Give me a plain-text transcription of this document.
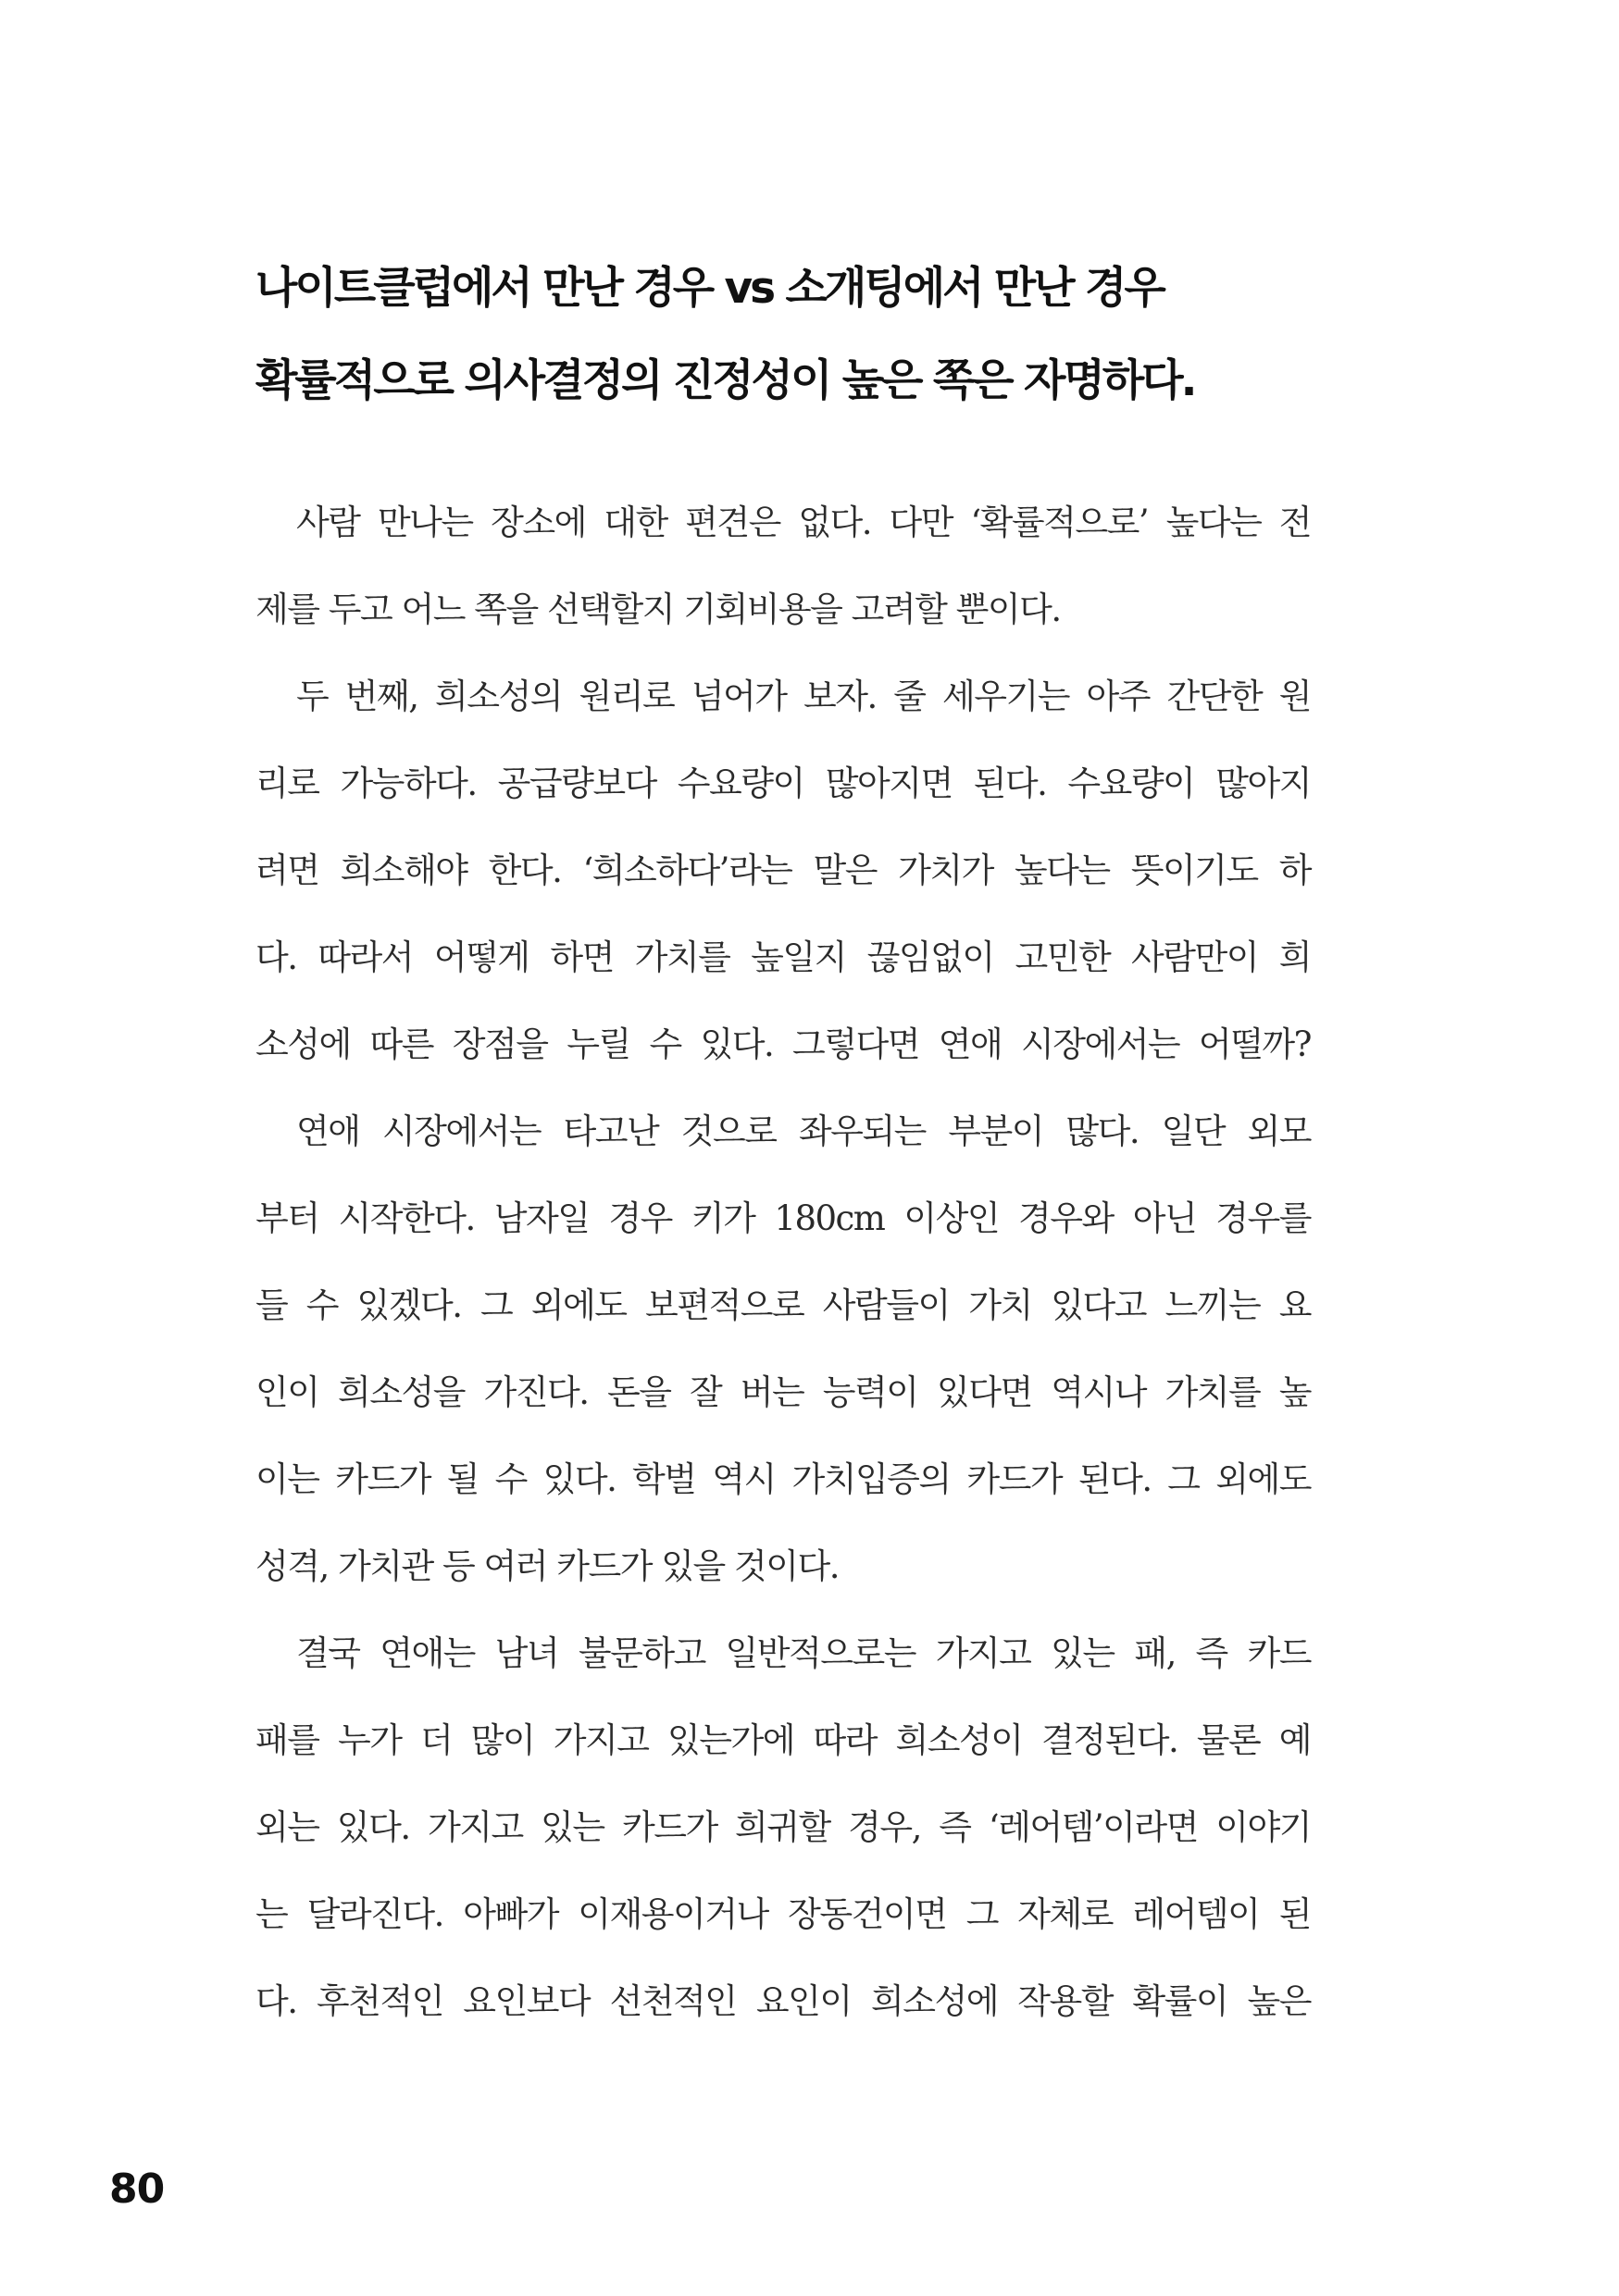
나이트클럽에서 만난 경우 vs 소개팅에서 만난 경우
확률적으로 의사결정의 진정성이 높은 쪽은 자명하다.
사람 만나는 장소에 대한 편견은 없다. 다만 ‘확률적으로’ 높다는 전
제를 두고 어느 쪽을 선택할지 기회비용을 고려할 뿐이다.
두 번째, 희소성의 원리로 넘어가 보자. 줄 세우기는 아주 간단한 원
리로 가능하다. 공급량보다 수요량이 많아지면 된다. 수요량이 많아지
려면 희소해야 한다. ‘희소하다’라는 말은 가치가 높다는 뜻이기도 하
다. 따라서 어떻게 하면 가치를 높일지 끊임없이 고민한 사람만이 희
소성에 따른 장점을 누릴 수 있다. 그렇다면 연애 시장에서는 어떨까?
연애 시장에서는 타고난 것으로 좌우되는 부분이 많다. 일단 외모
부터 시작한다. 남자일 경우 키가 180cm 이상인 경우와 아닌 경우를
들 수 있겠다. 그 외에도 보편적으로 사람들이 가치 있다고 느끼는 요
인이 희소성을 가진다. 돈을 잘 버는 능력이 있다면 역시나 가치를 높
이는 카드가 될 수 있다. 학벌 역시 가치입증의 카드가 된다. 그 외에도
성격, 가치관 등 여러 카드가 있을 것이다.
결국 연애는 남녀 불문하고 일반적으로는 가지고 있는 패, 즉 카드
패를 누가 더 많이 가지고 있는가에 따라 희소성이 결정된다. 물론 예
외는 있다. 가지고 있는 카드가 희귀할 경우, 즉 ‘레어템’이라면 이야기
는 달라진다. 아빠가 이재용이거나 장동건이면 그 자체로 레어템이 된
다. 후천적인 요인보다 선천적인 요인이 희소성에 작용할 확률이 높은
80
